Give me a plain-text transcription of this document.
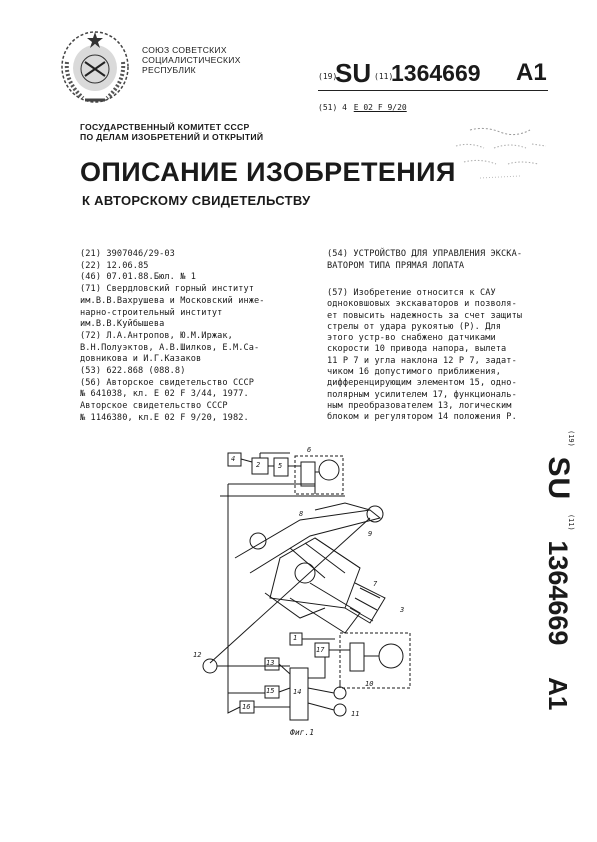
СОЮЗ СОВЕТСКИХ
СОЦИАЛИСТИЧЕСКИХ
РЕСПУБЛИК
(19)
SU (11)
1364669 A1
(51) 4 E 02 F 9/20
ГОСУДАРСТВЕННЫЙ КОМИТЕТ СССР
ПО ДЕЛАМ ИЗОБРЕТЕНИЙ И ОТКРЫТИЙ
ОПИСАНИЕ ИЗОБРЕТЕНИЯ
К АВТОРСКОМУ СВИДЕТЕЛЬСТВУ
(21) 3907046/29-03
(22) 12.06.85
(46) 07.01.88.Бюл. № 1
(71) Свердловский горный институт
им.В.В.Вахрушева и Московский инже-
нарно-строительный институт
им.В.В.Куйбышева
(72) Л.А.Антропов, Ю.М.Иржак,
В.Н.Полуэктов, А.В.Шилков, Е.М.Са-
довникова и И.Г.Казаков
(53) 622.868 (088.8)
(56) Авторское свидетельство СССР
№ 641038, кл. Е 02 F 3/44, 1977.
Авторское свидетельство СССР
№ 1146380, кл.Е 02 F 9/20, 1982.
(54) УСТРОЙСТВО ДЛЯ УПРАВЛЕНИЯ ЭКСКА-
ВАТОРОМ ТИПА ПРЯМАЯ ЛОПАТА
(57) Изобретение относится к САУ
одноковшовых экскаваторов и позволя-
ет повысить надежность за счет защиты
стрелы от удара рукоятью (Р). Для
этого устр-во снабжено датчиками
скорости 10 привода напора, вылета
11 Р 7 и угла наклона 12 Р 7, задат-
чиком 16 допустимого приближения,
дифференцирующим элементом 15, одно-
полярным усилителем 17, функциональ-
ным преобразователем 13, логическим
блоком и регулятором 14 положения Р.
$^{(19)}$ SU $^{(11)}$ 1364669 A1
4
2	5
6
8
9
7
3
1
17
12
13
14
15
16
10
11
Фиг.1
